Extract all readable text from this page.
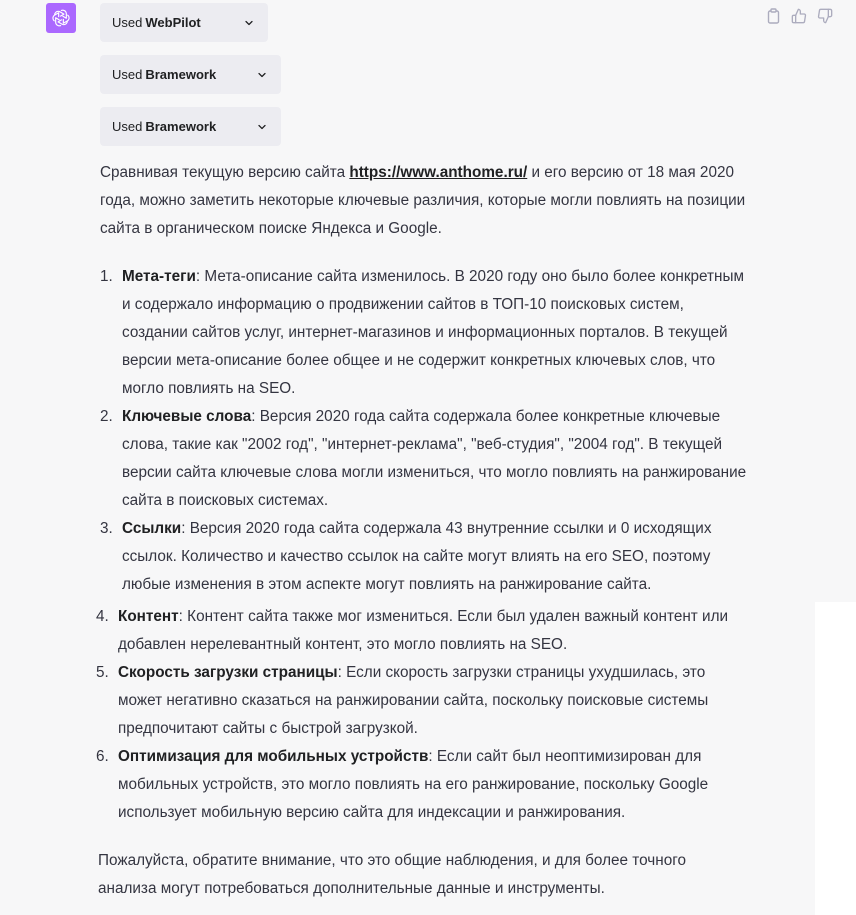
Used WebPilot
Used Bramework
Used Bramework

Сравнивая текущую версию сайта https://www.anthome.ru/ и его версию от 18 мая 2020 года, можно заметить некоторые ключевые различия, которые могли повлиять на позиции сайта в органическом поиске Яндекса и Google.

1. Мета-теги: Мета-описание сайта изменилось. В 2020 году оно было более конкретным и содержало информацию о продвижении сайтов в ТОП-10 поисковых систем, создании сайтов услуг, интернет-магазинов и информационных порталов. В текущей версии мета-описание более общее и не содержит конкретных ключевых слов, что могло повлиять на SEO.
2. Ключевые слова: Версия 2020 года сайта содержала более конкретные ключевые слова, такие как "2002 год", "интернет-реклама", "веб-студия", "2004 год". В текущей версии сайта ключевые слова могли измениться, что могло повлиять на ранжирование сайта в поисковых системах.
3. Ссылки: Версия 2020 года сайта содержала 43 внутренние ссылки и 0 исходящих ссылок. Количество и качество ссылок на сайте могут влиять на его SEO, поэтому любые изменения в этом аспекте могут повлиять на ранжирование сайта.
4. Контент: Контент сайта также мог измениться. Если был удален важный контент или добавлен нерелевантный контент, это могло повлиять на SEO.
5. Скорость загрузки страницы: Если скорость загрузки страницы ухудшилась, это может негативно сказаться на ранжировании сайта, поскольку поисковые системы предпочитают сайты с быстрой загрузкой.
6. Оптимизация для мобильных устройств: Если сайт был неоптимизирован для мобильных устройств, это могло повлиять на его ранжирование, поскольку Google использует мобильную версию сайта для индексации и ранжирования.

Пожалуйста, обратите внимание, что это общие наблюдения, и для более точного анализа могут потребоваться дополнительные данные и инструменты.
